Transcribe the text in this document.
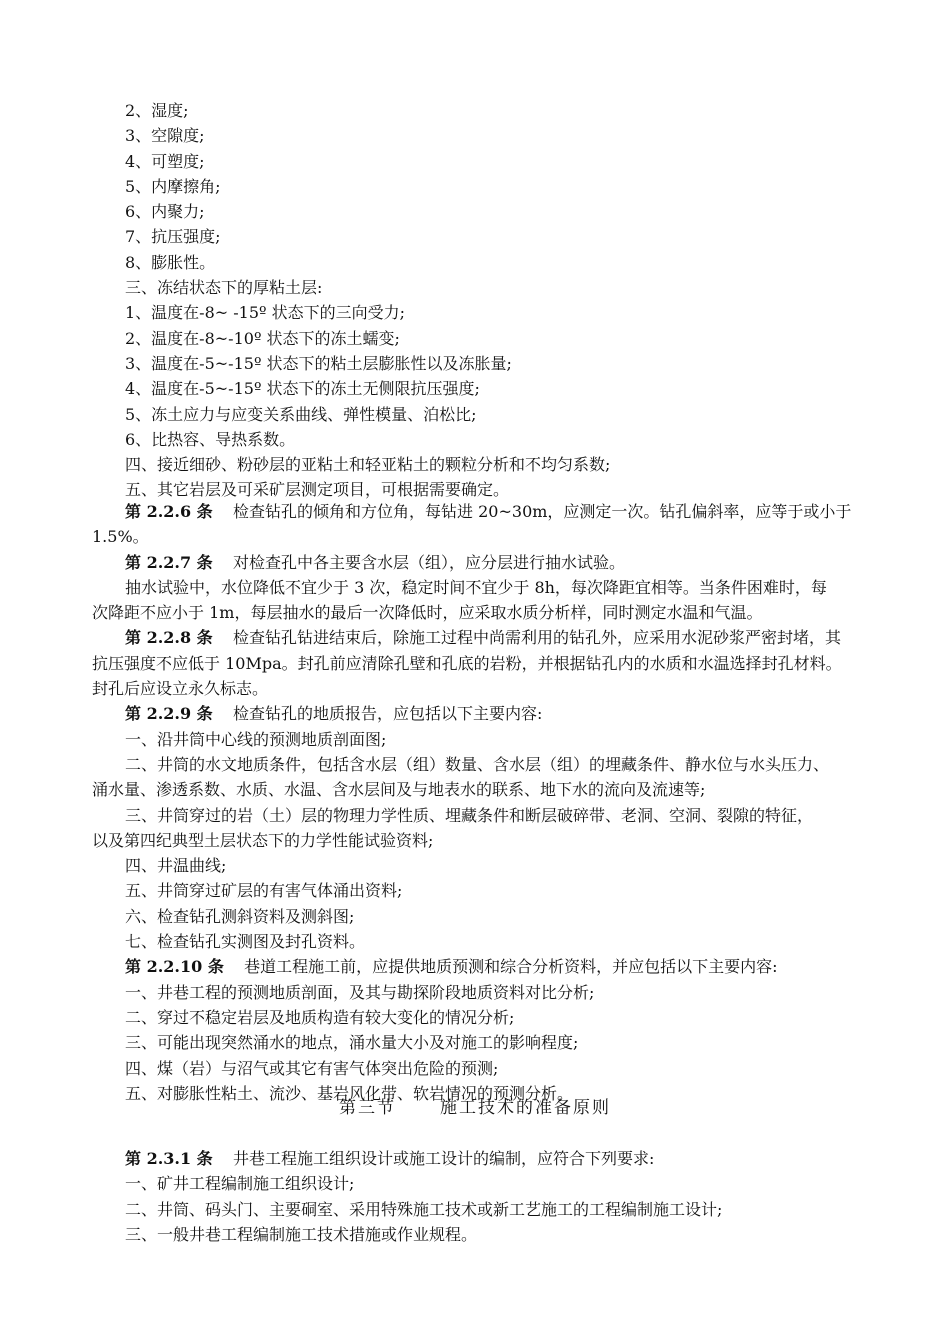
2、湿度;
3、空隙度;
4、可塑度;
5、内摩擦角;
6、内聚力;
7、抗压强度;
8、膨胀性。
三、冻结状态下的厚粘土层:
1、温度在-8~ -15º 状态下的三向受力;
2、温度在-8~-10º 状态下的冻土蠕变;
3、温度在-5~-15º 状态下的粘土层膨胀性以及冻胀量;
4、温度在-5~-15º 状态下的冻土无侧限抗压强度;
5、冻土应力与应变关系曲线、弹性模量、泊松比;
6、比热容、导热系数。
四、接近细砂、粉砂层的亚粘土和轻亚粘土的颗粒分析和不均匀系数;
五、其它岩层及可采矿层测定项目，可根据需要确定。
第 2.2.6 条 检查钻孔的倾角和方位角，每钻进 20~30m，应测定一次。钻孔偏斜率，应等于或小于
1.5%。
第 2.2.7 条 对检查孔中各主要含水层（组），应分层进行抽水试验。
抽水试验中，水位降低不宜少于 3 次，稳定时间不宜少于 8h，每次降距宜相等。当条件困难时，每
次降距不应小于 1m，每层抽水的最后一次降低时，应采取水质分析样，同时测定水温和气温。
第 2.2.8 条 检查钻孔钻进结束后，除施工过程中尚需利用的钻孔外，应采用水泥砂浆严密封堵，其
抗压强度不应低于 10Mpa。封孔前应清除孔壁和孔底的岩粉，并根据钻孔内的水质和水温选择封孔材料。
封孔后应设立永久标志。
第 2.2.9 条 检查钻孔的地质报告，应包括以下主要内容:
一、沿井筒中心线的预测地质剖面图;
二、井筒的水文地质条件，包括含水层（组）数量、含水层（组）的埋藏条件、静水位与水头压力、
涌水量、渗透系数、水质、水温、含水层间及与地表水的联系、地下水的流向及流速等;
三、井筒穿过的岩（土）层的物理力学性质、埋藏条件和断层破碎带、老洞、空洞、裂隙的特征，
以及第四纪典型土层状态下的力学性能试验资料;
四、井温曲线;
五、井筒穿过矿层的有害气体涌出资料;
六、检查钻孔测斜资料及测斜图;
七、检查钻孔实测图及封孔资料。
第 2.2.10 条 巷道工程施工前，应提供地质预测和综合分析资料，并应包括以下主要内容:
一、井巷工程的预测地质剖面，及其与勘探阶段地质资料对比分析;
二、穿过不稳定岩层及地质构造有较大变化的情况分析;
三、可能出现突然涌水的地点，涌水量大小及对施工的影响程度;
四、煤（岩）与沼气或其它有害气体突出危险的预测;
五、对膨胀性粘土、流沙、基岩风化带、软岩情况的预测分析。
第三节	施工技术的准备原则
第 2.3.1 条 井巷工程施工组织设计或施工设计的编制，应符合下列要求:
一、矿井工程编制施工组织设计;
二、井筒、码头门、主要硐室、采用特殊施工技术或新工艺施工的工程编制施工设计;
三、一般井巷工程编制施工技术措施或作业规程。
